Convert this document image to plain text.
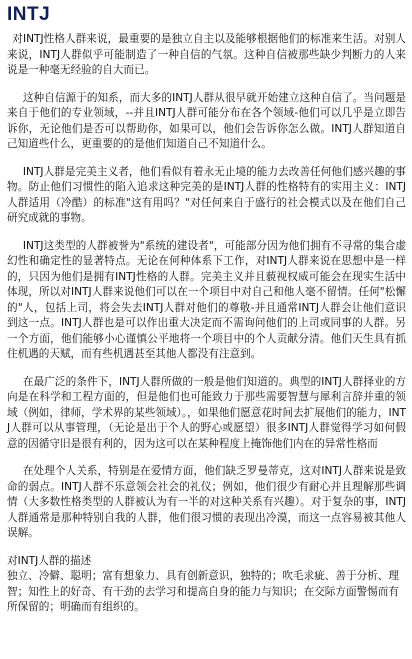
INTJ

对INTJ性格人群来说，最重要的是独立自主以及能够根据他们的标准来生活。对别人来说，INTJ人群似乎可能制造了一种自信的气氛。这种自信被那些缺少判断力的人来说是一种毫无经验的自大而已。

这种自信源于的知系，而大多的INTJ人群从很早就开始建立这种自信了。当问题是来自于他们的专业领域，--并且INTJ人群可能分布在各个领域-他们可以几乎是立即告诉你，无论他们是否可以帮助你，如果可以，他们会告诉你怎么做。INTJ人群知道自己知道些什么，更重要的的是他们知道自己不知道什么。

INTJ人群是完美主义者，他们看似有着永无止境的能力去改善任何他们感兴趣的事物。防止他们习惯性的陷入追求这种完美的是INTJ人群的性格特有的实用主义：INTJ人群适用（冷酷）的标准"这有用吗？"对任何来自于盛行的社会模式以及在他们自己研究成就的事物。

INTJ这类型的人群被誉为"系统的建设者"，可能部分因为他们拥有不寻常的集合虚幻性和确定性的显著特点。无论在何种体系下工作，对INTJ人群来说在思想中是一样的，只因为他们是拥有INTJ性格的人群。完美主义并且藐视权威可能会在现实生活中体现，所以对INTJ人群来说他们可以在一个项目中对自己和他人毫不留情。任何"松懈的"人，包括上司，将会失去INTJ人群对他们的尊敬-并且通常INTJ人群会让他们意识到这一点。INTJ人群也是可以作出重大决定而不需询问他们的上司或同事的人群。另一个方面，他们能够小心谨慎公平地将一个项目中的个人贡献分清。他们天生具有抓住机遇的天赋，而有些机遇甚至其他人都没有注意到。

在最广泛的条件下，INTJ人群所做的一般是他们知道的。典型的INTJ人群择业的方向是在科学和工程方面的，但是他们也可能致力于那些需要智慧与犀利言辞并重的领域（例如，律师，学术界的某些领域）。，如果他们愿意花时间去扩展他们的能力，INTJ人群可以从事管理，（无论是出于个人的野心或愿望）很多INTJ人群觉得学习如何假意的因循守旧是很有利的，因为这可以在某种程度上掩饰他们内在的异常性格而

在处理个人关系，特别是在爱情方面，他们缺乏罗曼蒂克，这对INTJ人群来说是致命的弱点。INTJ人群不乐意领会社会的礼仪；例如，他们很少有耐心并且理解那些调情（大多数性格类型的人群被认为有一半的对这种关系有兴趣）。对于复杂的事，INTJ人群通常是那种特别自我的人群，他们很习惯的表现出冷漠，而这一点容易被其他人误解。

对INTJ人群的描述

独立、冷僻、聪明；富有想象力、具有创新意识，独特的；吹毛求疵、善于分析、理智；知性上的好奇、有干劲的去学习和提高自身的能力与知识；在交际方面警惕而有所保留的；明确而有组织的。
